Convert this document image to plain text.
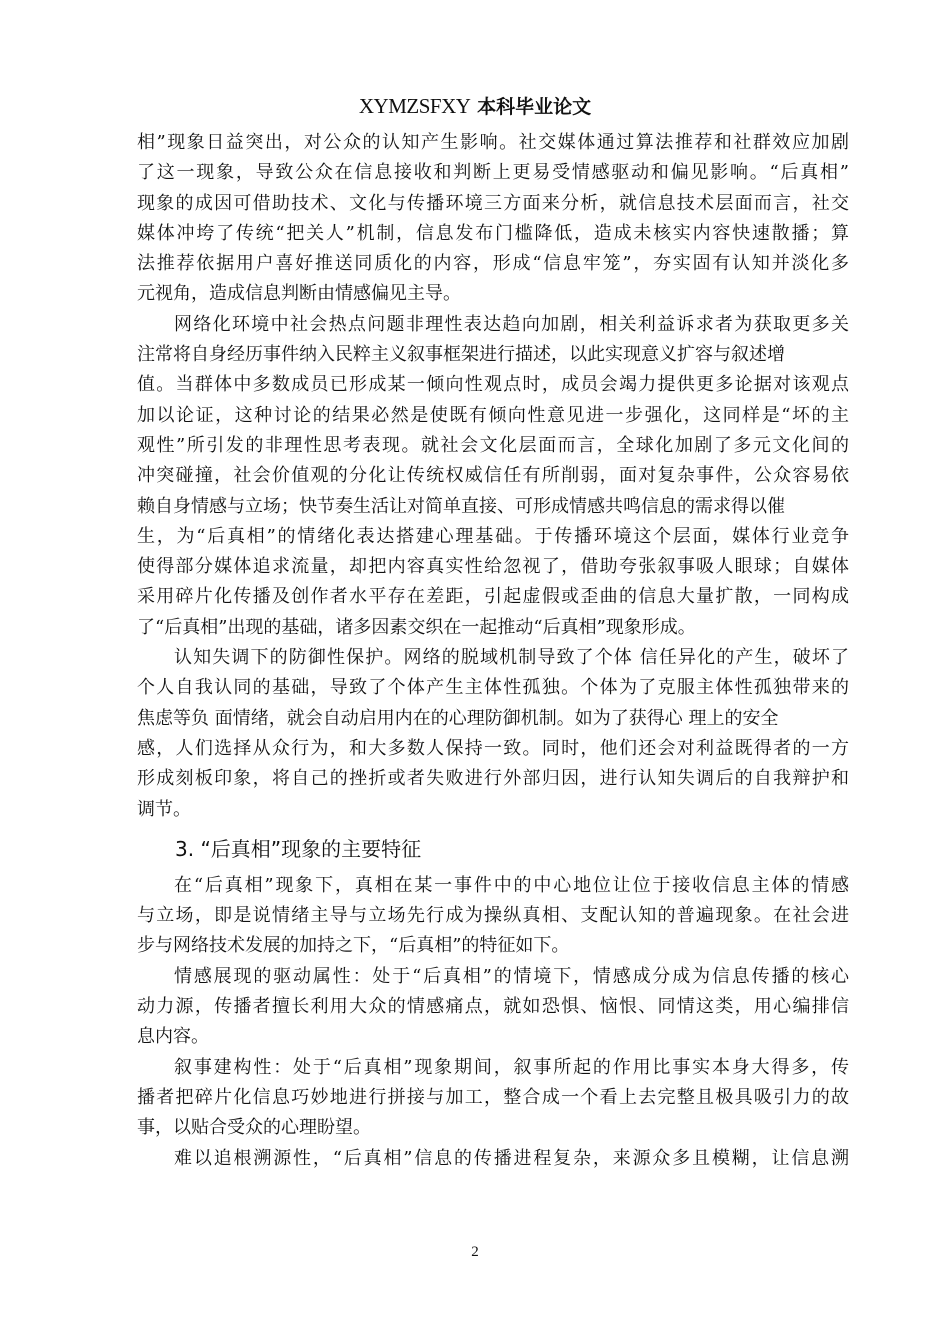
XYMZSFXY 本科毕业论文
相”现象日益突出，对公众的认知产生影响。社交媒体通过算法推荐和社群效应加剧
了这一现象，导致公众在信息接收和判断上更易受情感驱动和偏见影响。“后真相”
现象的成因可借助技术、文化与传播环境三方面来分析，就信息技术层面而言，社交
媒体冲垮了传统“把关人”机制，信息发布门槛降低，造成未核实内容快速散播；算
法推荐依据用户喜好推送同质化的内容，形成“信息牢笼”，夯实固有认知并淡化多
元视角，造成信息判断由情感偏见主导。
网络化环境中社会热点问题非理性表达趋向加剧，相关利益诉求者为获取更多关
注常将自身经历事件纳入民粹主义叙事框架进行描述，以此实现意义扩容与叙述增
值。当群体中多数成员已形成某一倾向性观点时，成员会竭力提供更多论据对该观点
加以论证，这种讨论的结果必然是使既有倾向性意见进一步强化，这同样是“坏的主
观性”所引发的非理性思考表现。就社会文化层面而言，全球化加剧了多元文化间的
冲突碰撞，社会价值观的分化让传统权威信任有所削弱，面对复杂事件，公众容易依
赖自身情感与立场；快节奏生活让对简单直接、可形成情感共鸣信息的需求得以催
生，为“后真相”的情绪化表达搭建心理基础。于传播环境这个层面，媒体行业竞争
使得部分媒体追求流量，却把内容真实性给忽视了，借助夸张叙事吸人眼球；自媒体
采用碎片化传播及创作者水平存在差距，引起虚假或歪曲的信息大量扩散，一同构成
了“后真相”出现的基础，诸多因素交织在一起推动“后真相”现象形成。
认知失调下的防御性保护。网络的脱域机制导致了个体 信任异化的产生，破坏了
个人自我认同的基础，导致了个体产生主体性孤独。个体为了克服主体性孤独带来的
焦虑等负 面情绪，就会自动启用内在的心理防御机制。如为了获得心 理上的安全
感，人们选择从众行为，和大多数人保持一致。同时，他们还会对利益既得者的一方
形成刻板印象，将自己的挫折或者失败进行外部归因，进行认知失调后的自我辩护和
调节。
3. “后真相”现象的主要特征
在“后真相”现象下，真相在某一事件中的中心地位让位于接收信息主体的情感
与立场，即是说情绪主导与立场先行成为操纵真相、支配认知的普遍现象。在社会进
步与网络技术发展的加持之下，“后真相”的特征如下。
情感展现的驱动属性：处于“后真相”的情境下，情感成分成为信息传播的核心
动力源，传播者擅长利用大众的情感痛点，就如恐惧、恼恨、同情这类，用心编排信
息内容。
叙事建构性：处于“后真相”现象期间，叙事所起的作用比事实本身大得多，传
播者把碎片化信息巧妙地进行拼接与加工，整合成一个看上去完整且极具吸引力的故
事，以贴合受众的心理盼望。
难以追根溯源性，“后真相”信息的传播进程复杂，来源众多且模糊，让信息溯
2
